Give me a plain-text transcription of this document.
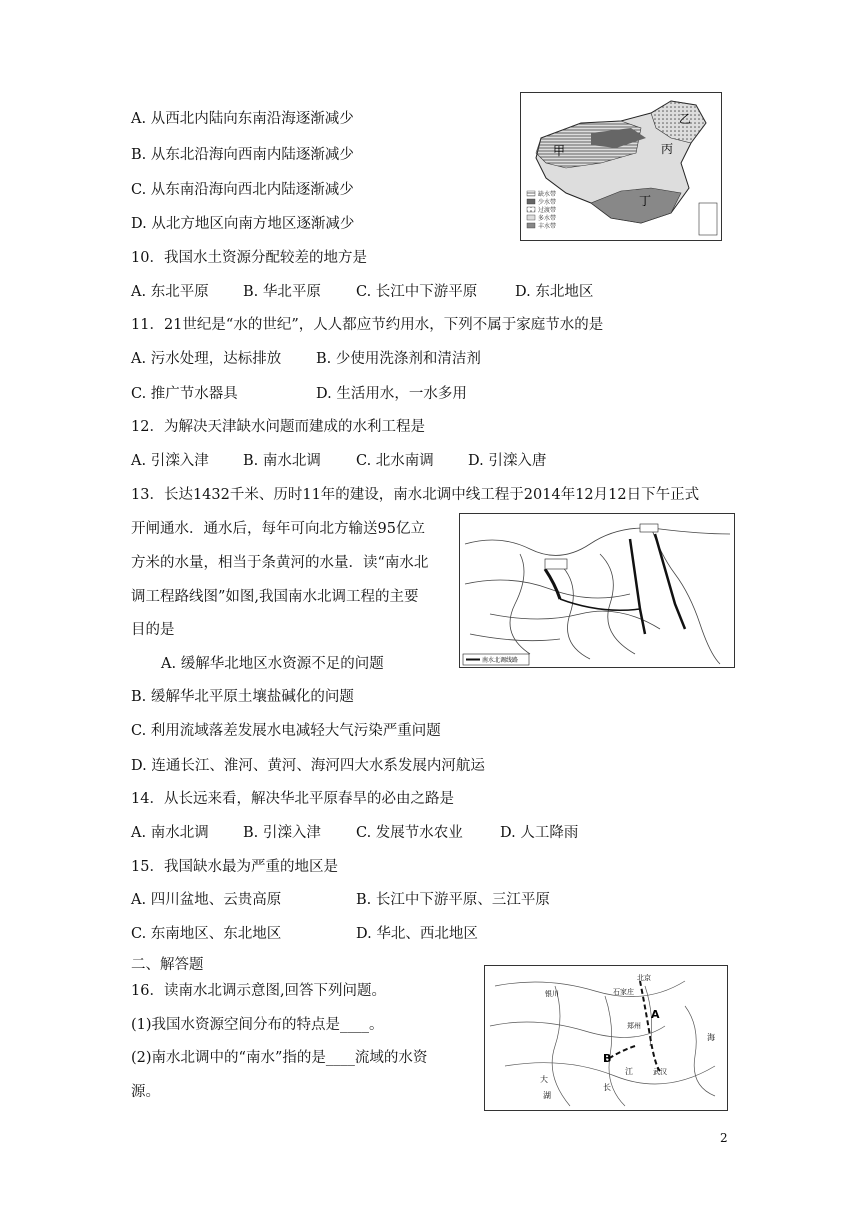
A. 从西北内陆向东南沿海逐渐减少
B. 从东北沿海向西南内陆逐渐减少
C. 从东南沿海向西北内陆逐渐减少
D. 从北方地区向南方地区逐渐减少
甲
乙
丙
丁
缺水带
少水带
过渡带
多水带
丰水带
10．我国水土资源分配较差的地方是
A. 东北平原 B. 华北平原 C. 长江中下游平原	D. 东北地区
11．21世纪是“水的世纪”，人人都应节约用水，下列不属于家庭节水的是
A. 污水处理，达标排放 B. 少使用洗涤剂和清洁剂
C. 推广节水器具	D. 生活用水，一水多用
12．为解决天津缺水问题而建成的水利工程是
A. 引滦入津 B. 南水北调 C. 北水南调 D. 引滦入唐
13．长达1432千米、历时11年的建设，南水北调中线工程于2014年12月12日下午正式
开闸通水．通水后，每年可向北方输送95亿立
方米的水量，相当于条黄河的水量．读“南水北
调工程路线图”如图,我国南水北调工程的主要
目的是
A. 缓解华北地区水资源不足的问题
B. 缓解华北平原土壤盐碱化的问题
C. 利用流域落差发展水电减轻大气污染严重问题
D. 连通长江、淮河、黄河、海河四大水系发展内河航运
南水北调线路
14．从长远来看，解决华北平原春旱的必由之路是
A. 南水北调 B. 引滦入津 C. 发展节水农业	D. 人工降雨
15．我国缺水最为严重的地区是
A. 四川盆地、云贵高原	B. 长江中下游平原、三江平原
C. 东南地区、东北地区	D. 华北、西北地区
二、解答题
16．读南水北调示意图,回答下列问题。
(1)我国水资源空间分布的特点是____。
(2)南水北调中的“南水”指的是____流域的水资
源。
北京
银川	石家庄
郑州
武汉
A
B
海
江
长
大
湖
2
